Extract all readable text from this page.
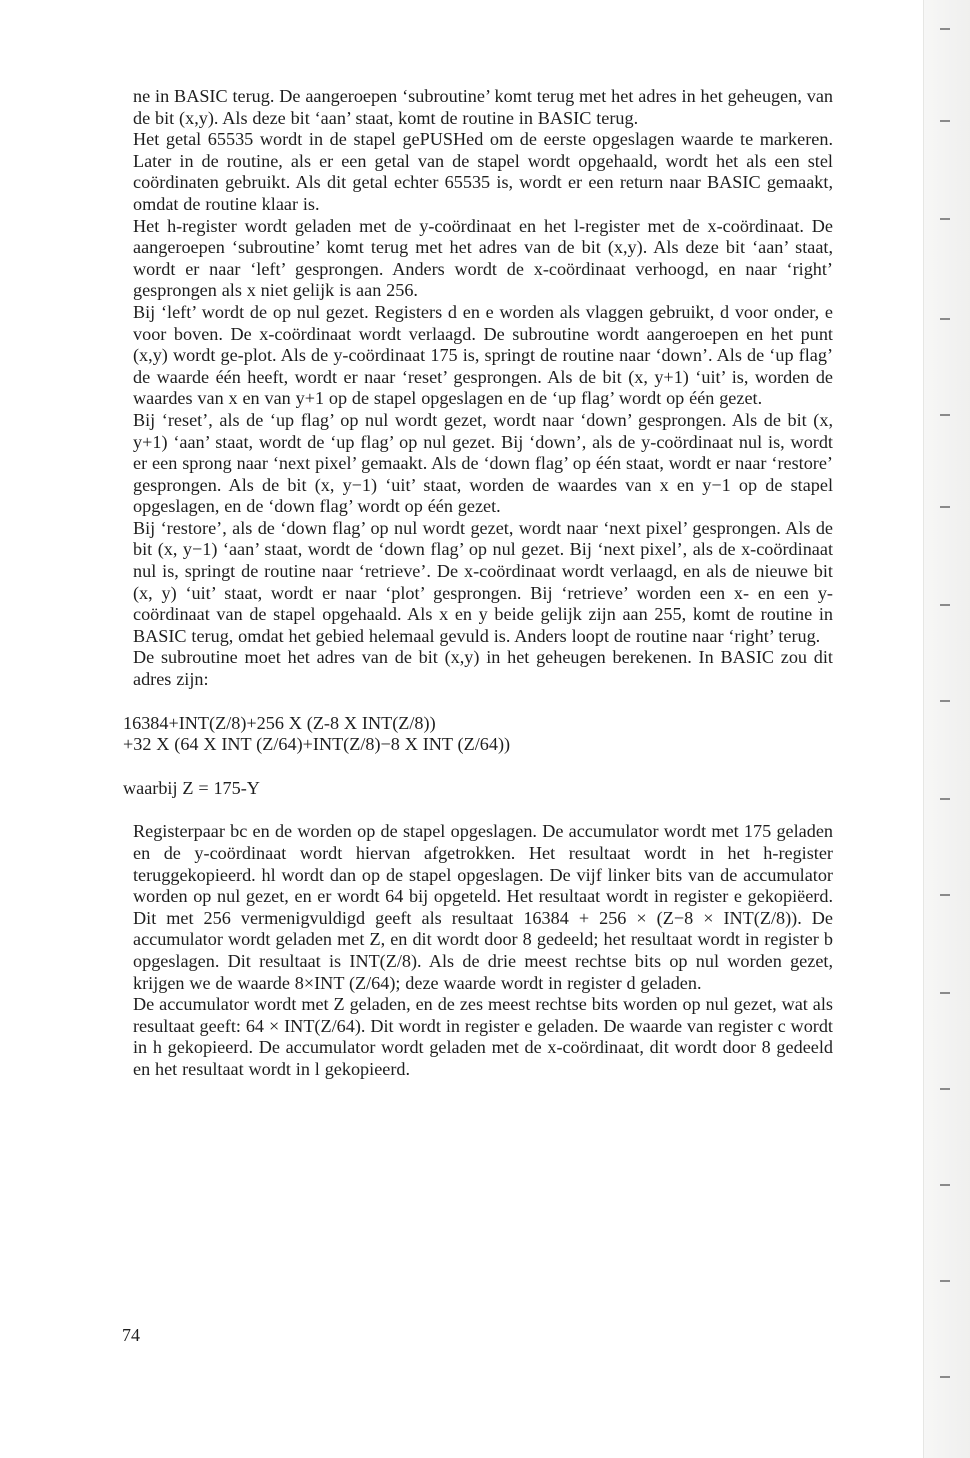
ne in BASIC terug. De aangeroepen ‘subroutine’ komt terug met het adres in het geheugen, van de bit (x,y). Als deze bit ‘aan’ staat, komt de routine in BASIC terug.

Het getal 65535 wordt in de stapel gePUSHed om de eerste opgeslagen waarde te markeren. Later in de routine, als er een getal van de stapel wordt opgehaald, wordt het als een stel coördinaten gebruikt. Als dit getal echter 65535 is, wordt er een return naar BASIC gemaakt, omdat de routine klaar is.

Het h-register wordt geladen met de y-coördinaat en het l-register met de x-coördinaat. De aangeroepen ‘subroutine’ komt terug met het adres van de bit (x,y). Als deze bit ‘aan’ staat, wordt er naar ‘left’ gesprongen. Anders wordt de x-coördinaat verhoogd, en naar ‘right’ gesprongen als x niet gelijk is aan 256.

Bij ‘left’ wordt de op nul gezet. Registers d en e worden als vlaggen gebruikt, d voor onder, e voor boven. De x-coördinaat wordt verlaagd. De subroutine wordt aangeroepen en het punt (x,y) wordt ge-plot. Als de y-coördinaat 175 is, springt de routine naar ‘down’. Als de ‘up flag’ de waarde één heeft, wordt er naar ‘reset’ gesprongen. Als de bit (x, y+1) ‘uit’ is, worden de waardes van x en van y+1 op de stapel opgeslagen en de ‘up flag’ wordt op één gezet.

Bij ‘reset’, als de ‘up flag’ op nul wordt gezet, wordt naar ‘down’ gesprongen. Als de bit (x, y+1) ‘aan’ staat, wordt de ‘up flag’ op nul gezet. Bij ‘down’, als de y-coördinaat nul is, wordt er een sprong naar ‘next pixel’ gemaakt. Als de ‘down flag’ op één staat, wordt er naar ‘restore’ gesprongen. Als de bit (x, y−1) ‘uit’ staat, worden de waardes van x en y−1 op de stapel opgeslagen, en de ‘down flag’ wordt op één gezet.

Bij ‘restore’, als de ‘down flag’ op nul wordt gezet, wordt naar ‘next pixel’ gesprongen. Als de bit (x, y−1) ‘aan’ staat, wordt de ‘down flag’ op nul gezet. Bij ‘next pixel’, als de x-coördinaat nul is, springt de routine naar ‘retrieve’. De x-coördinaat wordt verlaagd, en als de nieuwe bit (x, y) ‘uit’ staat, wordt er naar ‘plot’ gesprongen. Bij ‘retrieve’ worden een x- en een y-coördinaat van de stapel opgehaald. Als x en y beide gelijk zijn aan 255, komt de routine in BASIC terug, omdat het gebied helemaal gevuld is. Anders loopt de routine naar ‘right’ terug.

De subroutine moet het adres van de bit (x,y) in het geheugen berekenen. In BASIC zou dit adres zijn:

16384+INT(Z/8)+256 X (Z-8 X INT(Z/8))
+32 X (64 X INT (Z/64)+INT(Z/8)−8 X INT (Z/64))
waarbij Z = 175-Y

Registerpaar bc en de worden op de stapel opgeslagen. De accumulator wordt met 175 geladen en de y-coördinaat wordt hiervan afgetrokken. Het resultaat wordt in het h-register teruggekopieerd. hl wordt dan op de stapel opgeslagen. De vijf linker bits van de accumulator worden op nul gezet, en er wordt 64 bij opgeteld. Het resultaat wordt in register e gekopiëerd. Dit met 256 vermenigvuldigd geeft als resultaat 16384 + 256 × (Z−8 × INT(Z/8)). De accumulator wordt geladen met Z, en dit wordt door 8 gedeeld; het resultaat wordt in register b opgeslagen. Dit resultaat is INT(Z/8). Als de drie meest rechtse bits op nul worden gezet, krijgen we de waarde 8×INT (Z/64); deze waarde wordt in register d geladen.

De accumulator wordt met Z geladen, en de zes meest rechtse bits worden op nul gezet, wat als resultaat geeft: 64 × INT(Z/64). Dit wordt in register e geladen. De waarde van register c wordt in h gekopieerd. De accumulator wordt geladen met de x-coördinaat, dit wordt door 8 gedeeld en het resultaat wordt in l gekopieerd.

74
